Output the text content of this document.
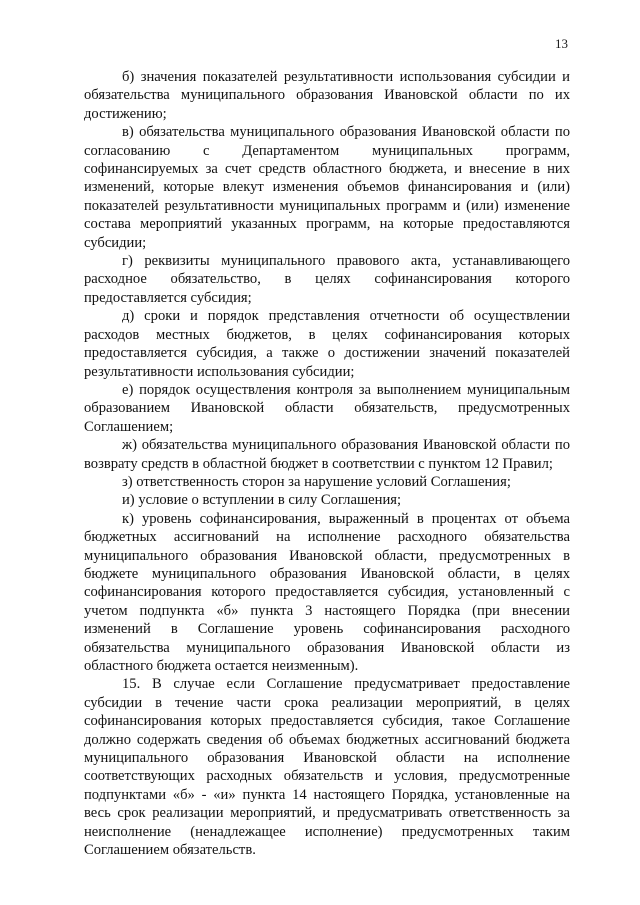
13

б) значения показателей результативности использования субсидии и обязательства муниципального образования Ивановской области по их достижению;

в) обязательства муниципального образования Ивановской области по согласованию с Департаментом муниципальных программ, софинансируемых за счет средств областного бюджета, и внесение в них изменений, которые влекут изменения объемов финансирования и (или) показателей результативности муниципальных программ и (или) изменение состава мероприятий указанных программ, на которые предоставляются субсидии;

г) реквизиты муниципального правового акта, устанавливающего расходное обязательство, в целях софинансирования которого предоставляется субсидия;

д) сроки и порядок представления отчетности об осуществлении расходов местных бюджетов, в целях софинансирования которых предоставляется субсидия, а также о достижении значений показателей результативности использования субсидии;

е) порядок осуществления контроля за выполнением муниципальным образованием Ивановской области обязательств, предусмотренных Соглашением;

ж) обязательства муниципального образования Ивановской области по возврату средств в областной бюджет в соответствии с пунктом 12 Правил;

з) ответственность сторон за нарушение условий Соглашения;

и) условие о вступлении в силу Соглашения;

к) уровень софинансирования, выраженный в процентах от объема бюджетных ассигнований на исполнение расходного обязательства муниципального образования Ивановской области, предусмотренных в бюджете муниципального образования Ивановской области, в целях софинансирования которого предоставляется субсидия, установленный с учетом подпункта «б» пункта 3 настоящего Порядка (при внесении изменений в Соглашение уровень софинансирования расходного обязательства муниципального образования Ивановской области из областного бюджета остается неизменным).

15. В случае если Соглашение предусматривает предоставление субсидии в течение части срока реализации мероприятий, в целях софинансирования которых предоставляется субсидия, такое Соглашение должно содержать сведения об объемах бюджетных ассигнований бюджета муниципального образования Ивановской области на исполнение соответствующих расходных обязательств и условия, предусмотренные подпунктами «б» - «и» пункта 14 настоящего Порядка, установленные на весь срок реализации мероприятий, и предусматривать ответственность за неисполнение (ненадлежащее исполнение) предусмотренных таким Соглашением обязательств.
